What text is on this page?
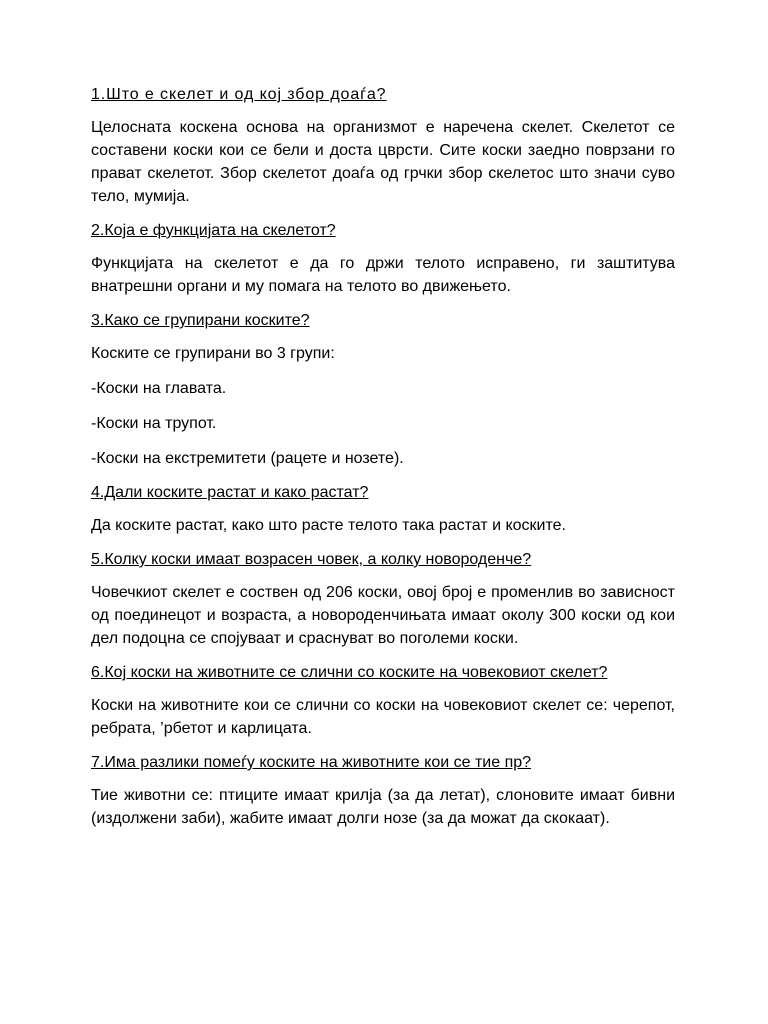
1.Што е скелет и од кој збор доаѓа?
Целосната коскена основа на организмот е наречена скелет. Скелетот се составени коски кои се бели и доста цврсти. Сите коски заедно поврзани го прават скелетот. Збор скелетот доаѓа од грчки збор скелетос што значи суво тело, мумија.
2.Која е функцијата на скелетот?
Функцијата на скелетот е да го држи телото исправено, ги заштитува внатрешни органи и му помага на телото во движењето.
3.Како се групирани коските?
Коските се групирани во 3 групи:
-Коски на главата.
-Коски на трупот.
-Коски на екстремитети (рацете и нозете).
4.Дали коските растат и како растат?
Да коските растат, како што расте телото така растат и коските.
5.Колку коски имаат возрасен човек, а колку новороденче?
Човечкиот скелет е соствен од 206 коски, овој број е променлив во зависност од поединецот и возраста, а новороденчињата имаат околу 300 коски од кои дел подоцна се спојуваат и сраснуват во поголеми коски.
6.Кој коски на животните се слични со коските на човековиот скелет?
Коски на животните кои се слични со коски на човековиот скелет се: черепот, ребрата, ’рбетот и карлицата.
7.Има разлики помеѓу коските на животните кои се тие пр?
Тие животни се: птиците имаат крилја (за да летат), слоновите имаат бивни (издолжени заби), жабите имаат долги нозе (за да можат да скокаат).
